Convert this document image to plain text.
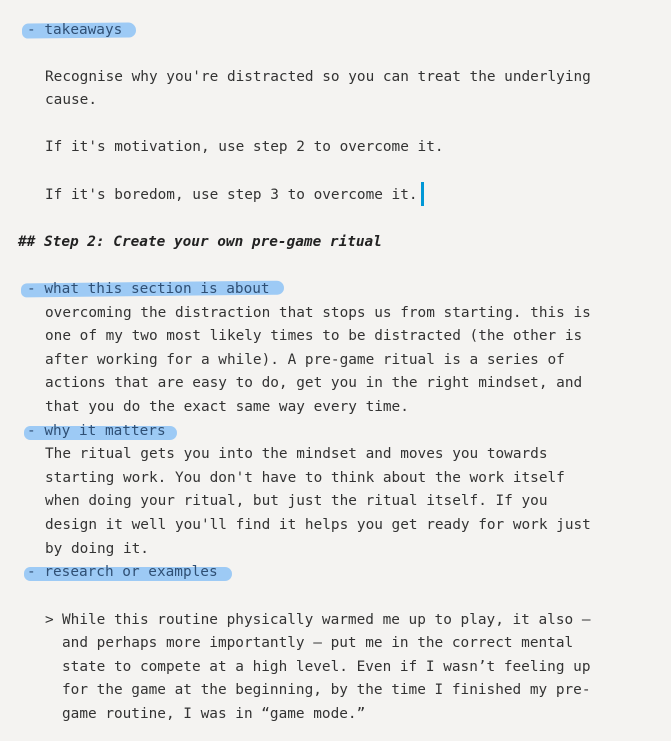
- takeaways
Recognise why you're distracted so you can treat the underlying
cause.
If it's motivation, use step 2 to overcome it.
If it's boredom, use step 3 to overcome it.
## Step 2: Create your own pre-game ritual
- what this section is about
overcoming the distraction that stops us from starting. this is
one of my two most likely times to be distracted (the other is
after working for a while). A pre-game ritual is a series of
actions that are easy to do, get you in the right mindset, and
that you do the exact same way every time.
- why it matters
The ritual gets you into the mindset and moves you towards
starting work. You don't have to think about the work itself
when doing your ritual, but just the ritual itself. If you
design it well you'll find it helps you get ready for work just
by doing it.
- research or examples
> While this routine physically warmed me up to play, it also —
and perhaps more importantly — put me in the correct mental
state to compete at a high level. Even if I wasn’t feeling up
for the game at the beginning, by the time I finished my pre-
game routine, I was in “game mode.”
